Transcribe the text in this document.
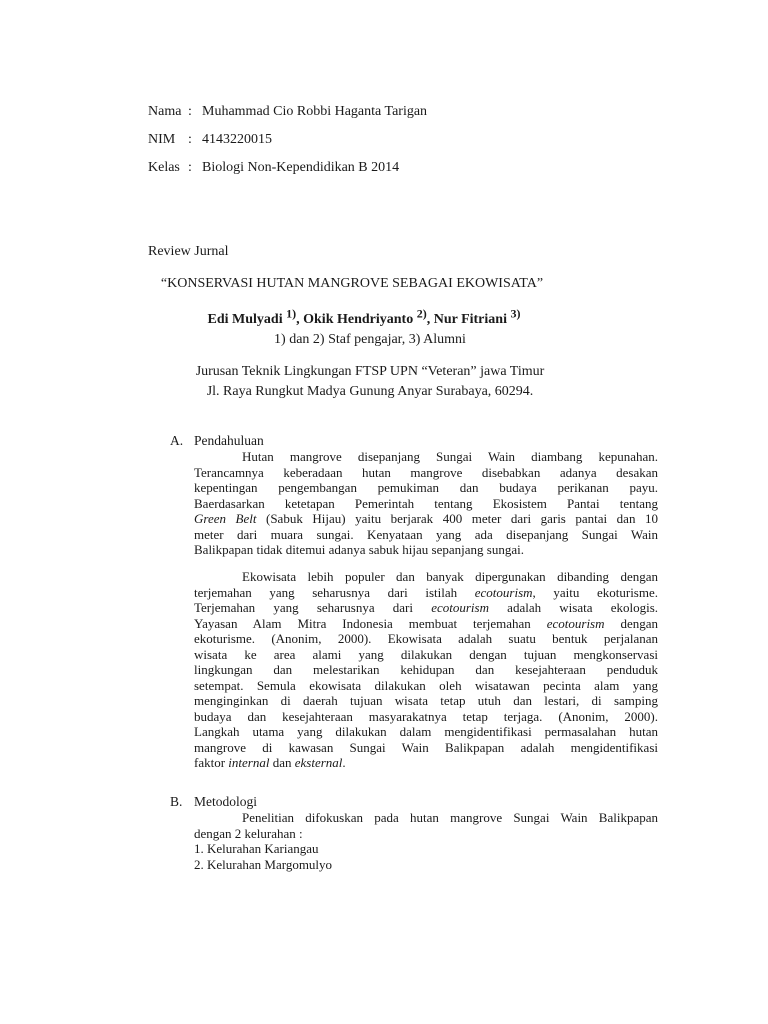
Nama : Muhammad Cio Robbi Haganta Tarigan
NIM : 4143220015
Kelas : Biologi Non-Kependidikan B 2014
Review Jurnal
“KONSERVASI HUTAN MANGROVE SEBAGAI EKOWISATA”
Edi Mulyadi $^{1)}$, Okik Hendriyanto $^{2)}$, Nur Fitriani $^{3)}$
1) dan 2) Staf pengajar, 3) Alumni
Jurusan Teknik Lingkungan FTSP UPN “Veteran” jawa Timur
Jl. Raya Rungkut Madya Gunung Anyar Surabaya, 60294.
A. Pendahuluan
Hutan mangrove disepanjang Sungai Wain diambang kepunahan.
Terancamnya keberadaan hutan mangrove disebabkan adanya desakan
kepentingan pengembangan pemukiman dan budaya perikanan payu.
Baerdasarkan ketetapan Pemerintah tentang Ekosistem Pantai tentang
Green Belt (Sabuk Hijau) yaitu berjarak 400 meter dari garis pantai dan 10
meter dari muara sungai. Kenyataan yang ada disepanjang Sungai Wain
Balikpapan tidak ditemui adanya sabuk hijau sepanjang sungai.
Ekowisata lebih populer dan banyak dipergunakan dibanding dengan
terjemahan yang seharusnya dari istilah ecotourism, yaitu ekoturisme.
Terjemahan yang seharusnya dari ecotourism adalah wisata ekologis.
Yayasan Alam Mitra Indonesia membuat terjemahan ecotourism dengan
ekoturisme. (Anonim, 2000). Ekowisata adalah suatu bentuk perjalanan
wisata ke area alami yang dilakukan dengan tujuan mengkonservasi
lingkungan dan melestarikan kehidupan dan kesejahteraan penduduk
setempat. Semula ekowisata dilakukan oleh wisatawan pecinta alam yang
menginginkan di daerah tujuan wisata tetap utuh dan lestari, di samping
budaya dan kesejahteraan masyarakatnya tetap terjaga. (Anonim, 2000).
Langkah utama yang dilakukan dalam mengidentifikasi permasalahan hutan
mangrove di kawasan Sungai Wain Balikpapan adalah mengidentifikasi
faktor internal dan eksternal.
B. Metodologi
Penelitian difokuskan pada hutan mangrove Sungai Wain Balikpapan
dengan 2 kelurahan :
1. Kelurahan Kariangau
2. Kelurahan Margomulyo
